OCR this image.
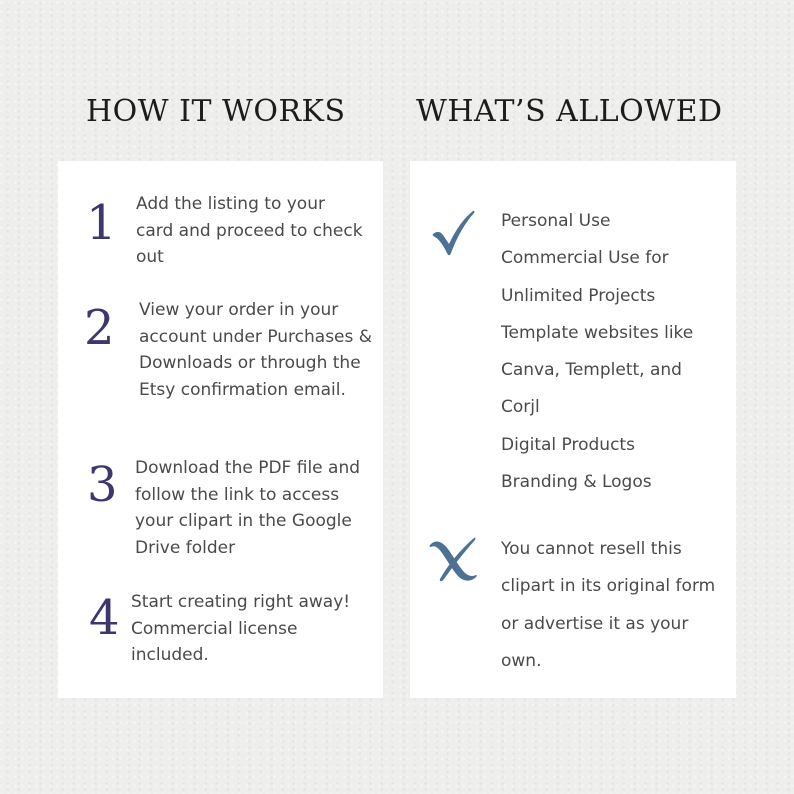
HOW IT WORKS WHAT’S ALLOWED
1 Add the listing to your card and proceed to check out
2 View your order in your account under Purchases & Downloads or through the Etsy confirmation email.
3 Download the PDF file and follow the link to access your clipart in the Google Drive folder
4 Start creating right away! Commercial license included.
Personal Use
Commercial Use for
Unlimited Projects
Template websites like
Canva, Templett, and
Corjl
Digital Products
Branding & Logos
You cannot resell this clipart in its original form or advertise it as your own.
